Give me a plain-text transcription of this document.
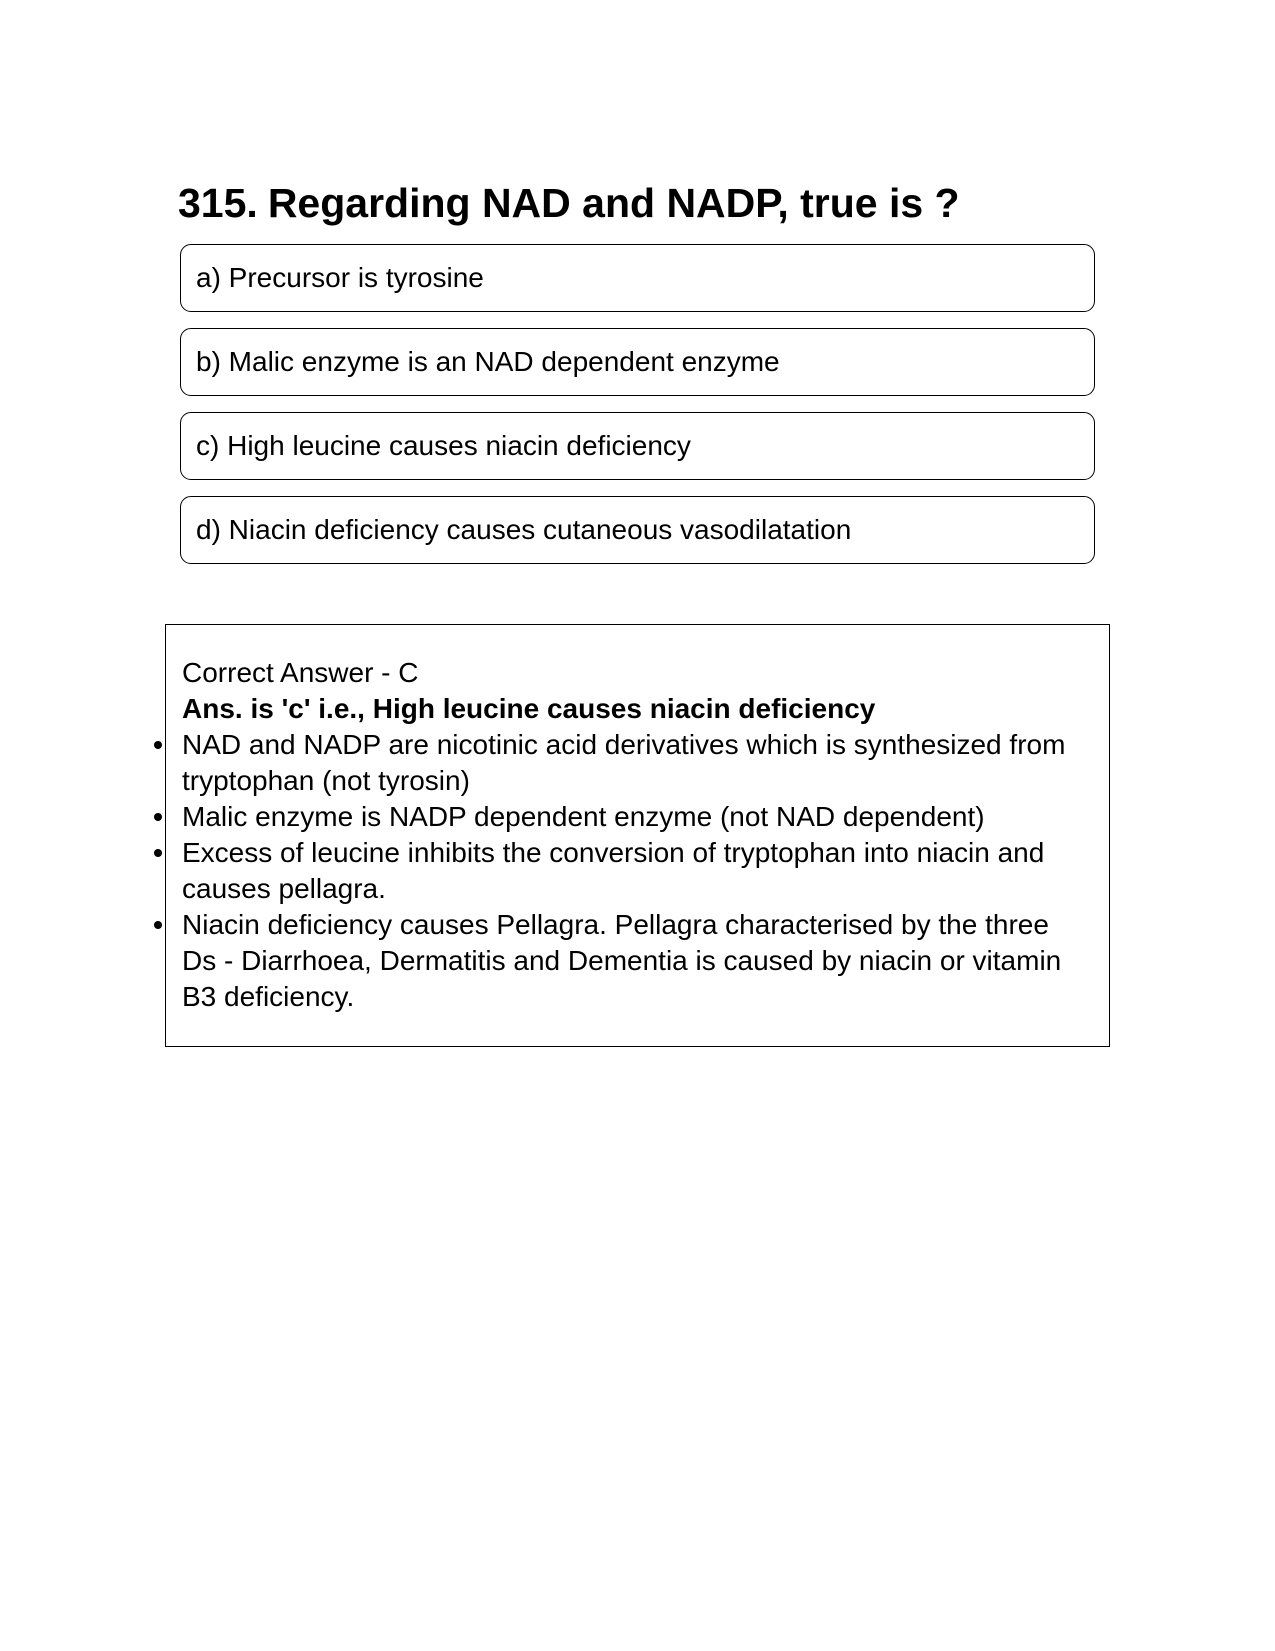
315. Regarding NAD and NADP, true is ?
a) Precursor is tyrosine
b) Malic enzyme is an NAD dependent enzyme
c) High leucine causes niacin deficiency
d) Niacin deficiency causes cutaneous vasodilatation
Correct Answer - C
Ans. is 'c' i.e., High leucine causes niacin deficiency
NAD and NADP are nicotinic acid derivatives which is synthesized from tryptophan (not tyrosin)
Malic enzyme is NADP dependent enzyme (not NAD dependent)
Excess of leucine inhibits the conversion of tryptophan into niacin and causes pellagra.
Niacin deficiency causes Pellagra. Pellagra characterised by the three Ds - Diarrhoea, Dermatitis and Dementia is caused by niacin or vitamin B3 deficiency.
